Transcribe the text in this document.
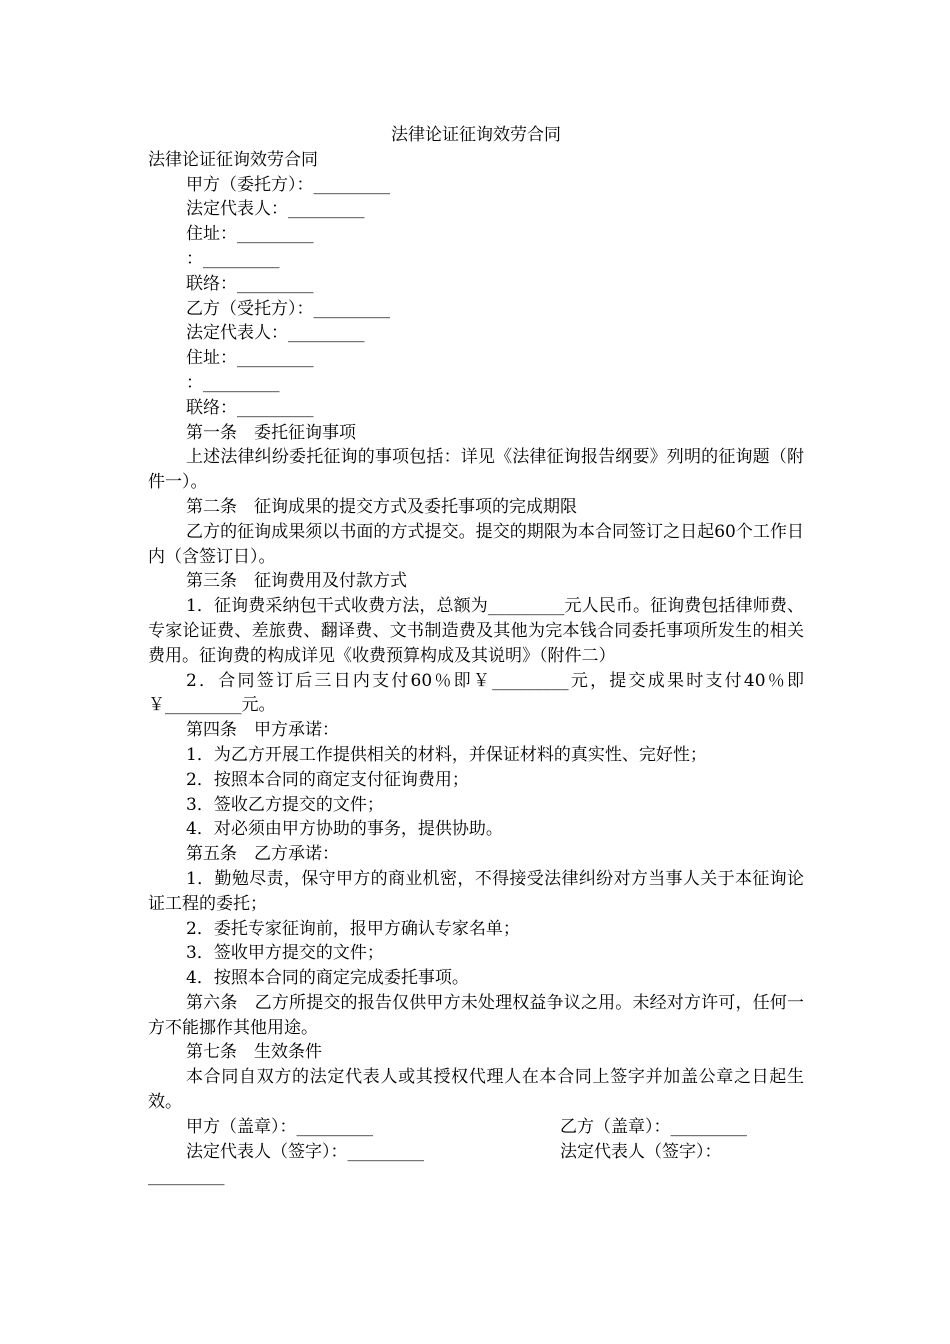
法律论证征询效劳合同
法律论证征询效劳合同
甲方（委托方）：_________
法定代表人：_________
住址：_________
：_________
联络：_________
乙方（受托方）：_________
法定代表人：_________
住址：_________
：_________
联络：_________
第一条　委托征询事项
上述法律纠纷委托征询的事项包括：详见《法律征询报告纲要》列明的征询题（附件一）。
第二条　征询成果的提交方式及委托事项的完成期限
乙方的征询成果须以书面的方式提交。提交的期限为本合同签订之日起60个工作日内（含签订日）。
第三条　征询费用及付款方式
1．征询费采纳包干式收费方法，总额为_________元人民币。征询费包括律师费、专家论证费、差旅费、翻译费、文书制造费及其他为完本钱合同委托事项所发生的相关费用。征询费的构成详见《收费预算构成及其说明》（附件二）
2．合同签订后三日内支付60％即￥_________元，提交成果时支付40％即￥_________元。
第四条　甲方承诺：
1．为乙方开展工作提供相关的材料，并保证材料的真实性、完好性；
2．按照本合同的商定支付征询费用；
3．签收乙方提交的文件；
4．对必须由甲方协助的事务，提供协助。
第五条　乙方承诺：
1．勤勉尽责，保守甲方的商业机密，不得接受法律纠纷对方当事人关于本征询论证工程的委托；
2．委托专家征询前，报甲方确认专家名单；
3．签收甲方提交的文件；
4．按照本合同的商定完成委托事项。
第六条　乙方所提交的报告仅供甲方未处理权益争议之用。未经对方许可，任何一方不能挪作其他用途。
第七条　生效条件
本合同自双方的法定代表人或其授权代理人在本合同上签字并加盖公章之日起生效。
甲方（盖章）：_________	乙方（盖章）：_________
法定代表人（签字）：_________	法定代表人（签字）：
_________
